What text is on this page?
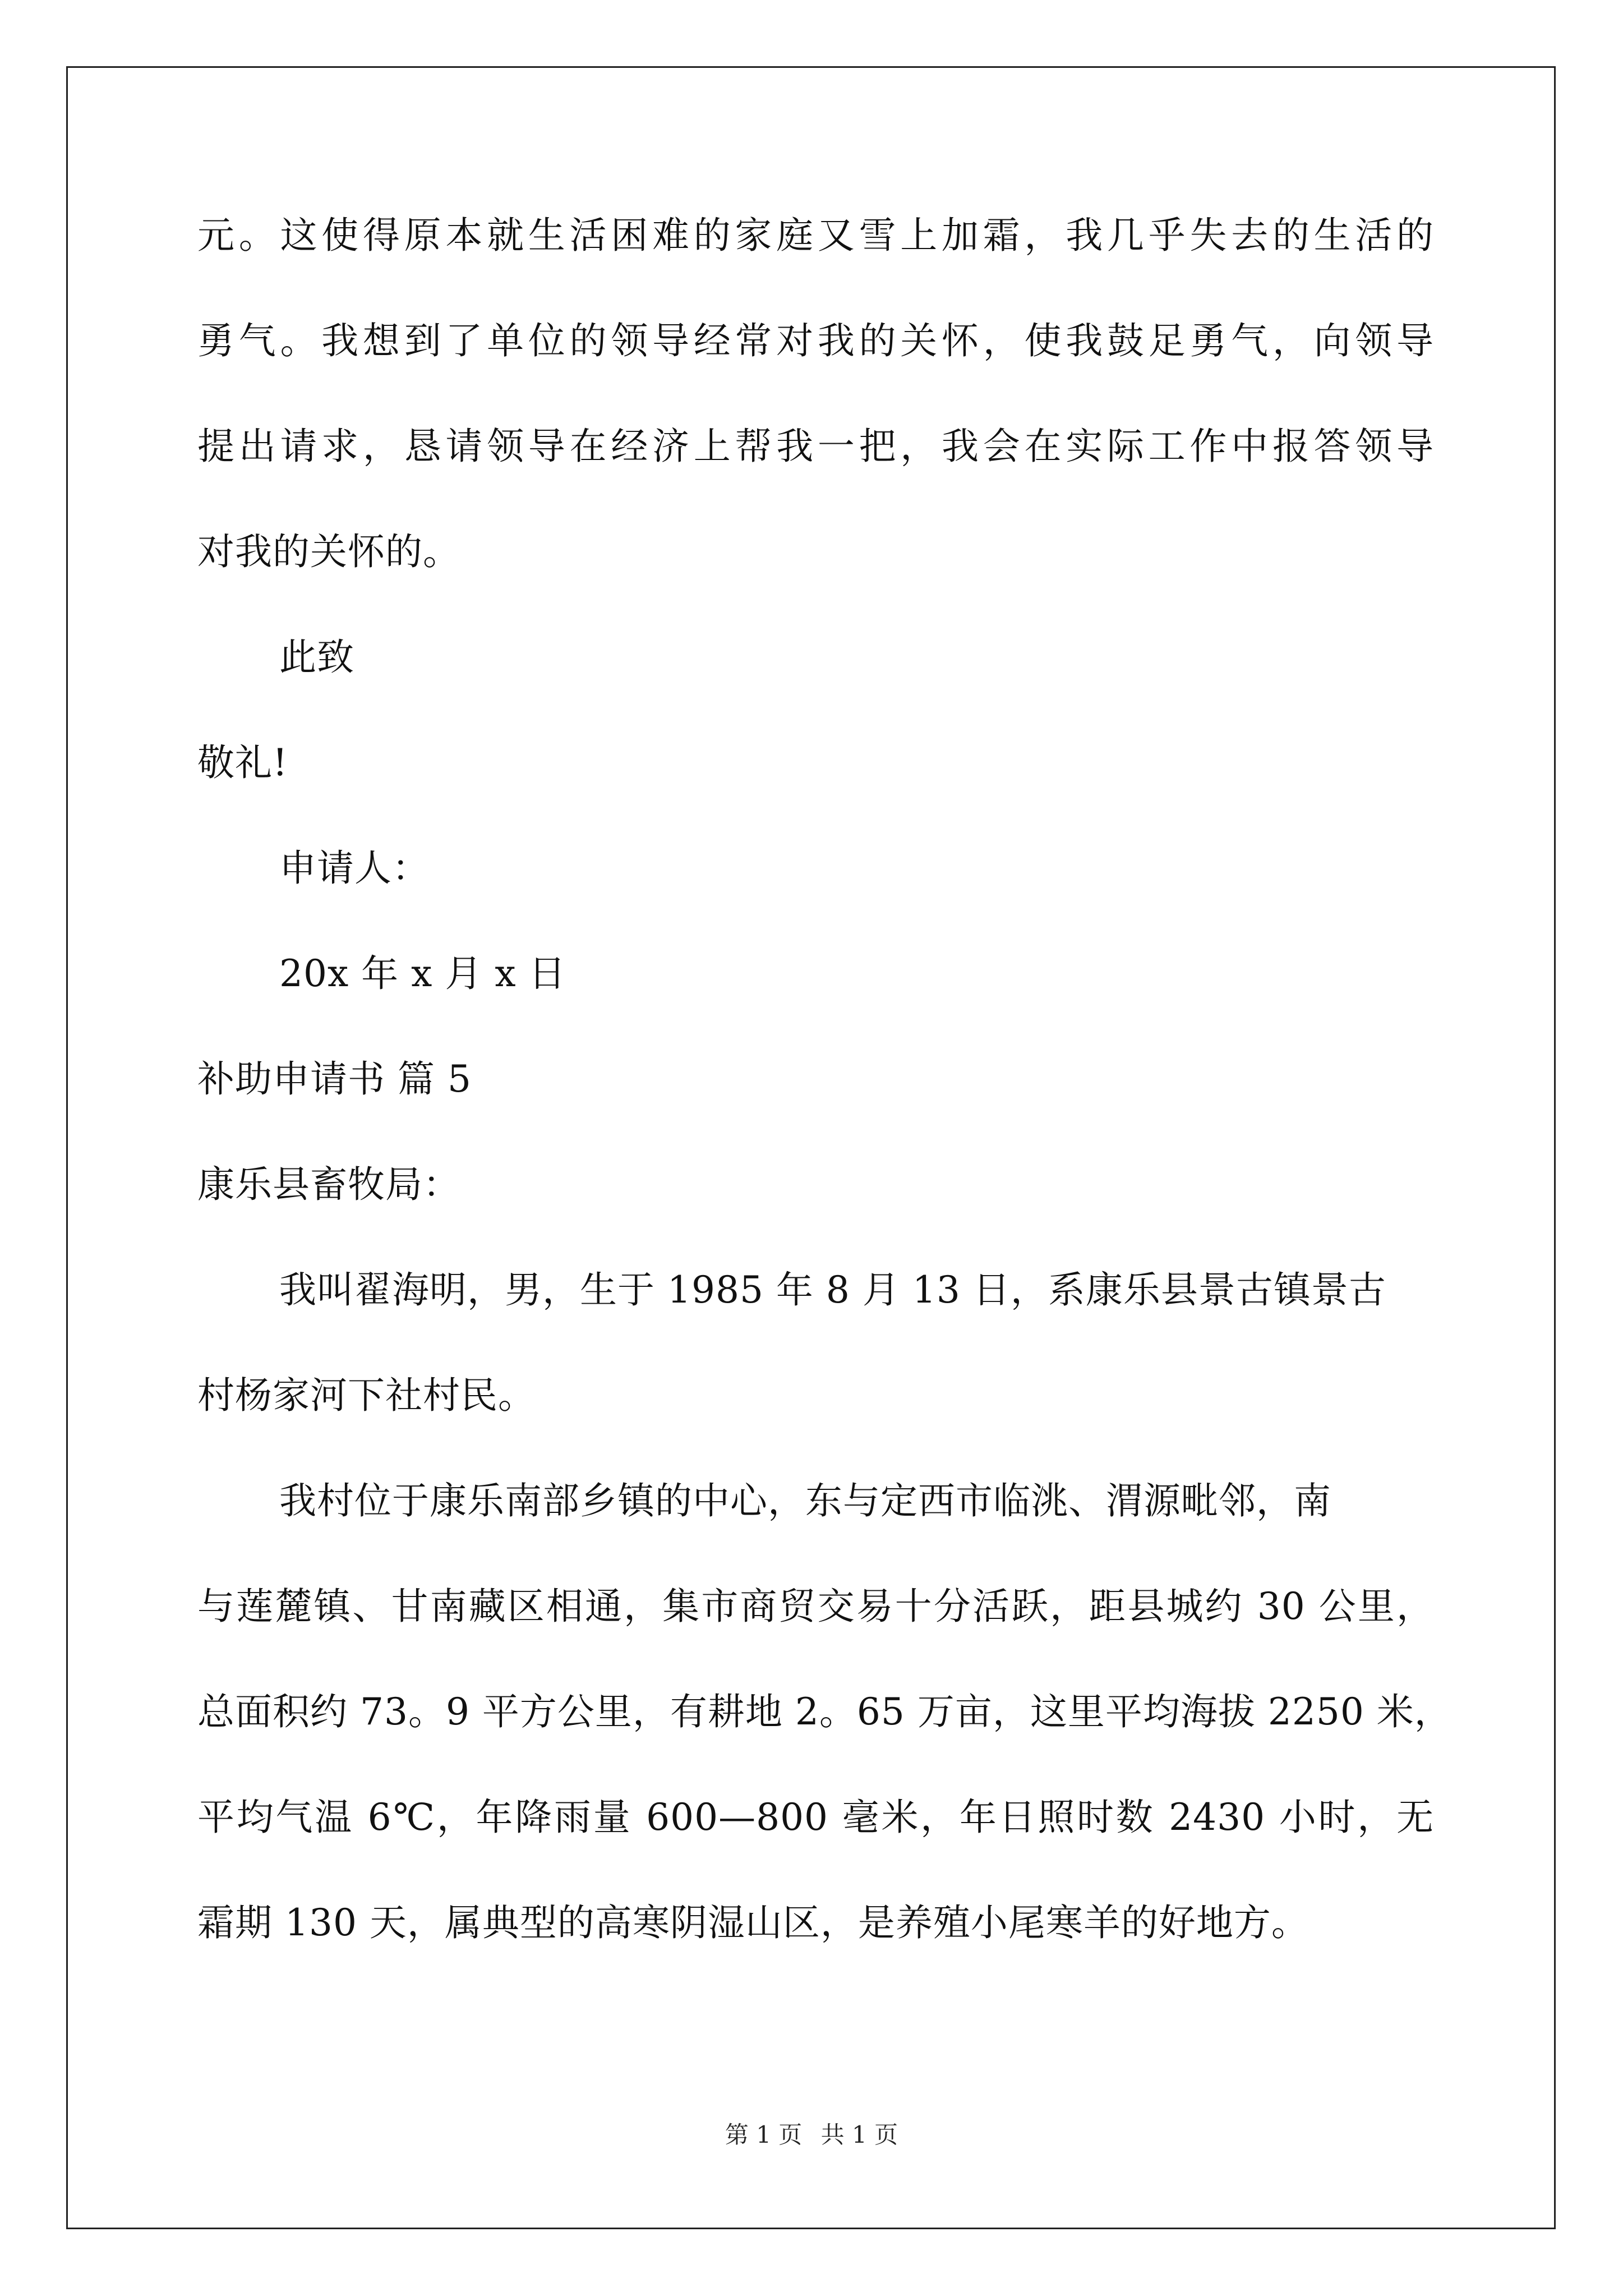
元。这使得原本就生活困难的家庭又雪上加霜，我几乎失去的生活的
勇气。我想到了单位的领导经常对我的关怀，使我鼓足勇气，向领导
提出请求，恳请领导在经济上帮我一把，我会在实际工作中报答领导
对我的关怀的。
此致
敬礼!
申请人：
20x 年 x 月 x 日
补助申请书 篇 5
康乐县畜牧局：
我叫翟海明，男，生于 1985 年 8 月 13 日，系康乐县景古镇景古
村杨家河下社村民。
我村位于康乐南部乡镇的中心，东与定西市临洮、渭源毗邻，南
与莲麓镇、甘南藏区相通，集市商贸交易十分活跃，距县城约 30 公里，
总面积约 73。9 平方公里，有耕地 2。65 万亩，这里平均海拔 2250 米，
平均气温 6℃，年降雨量 600—800 毫米，年日照时数 2430 小时，无
霜期 130 天，属典型的高寒阴湿山区，是养殖小尾寒羊的好地方。
第 1 页 共 1 页
